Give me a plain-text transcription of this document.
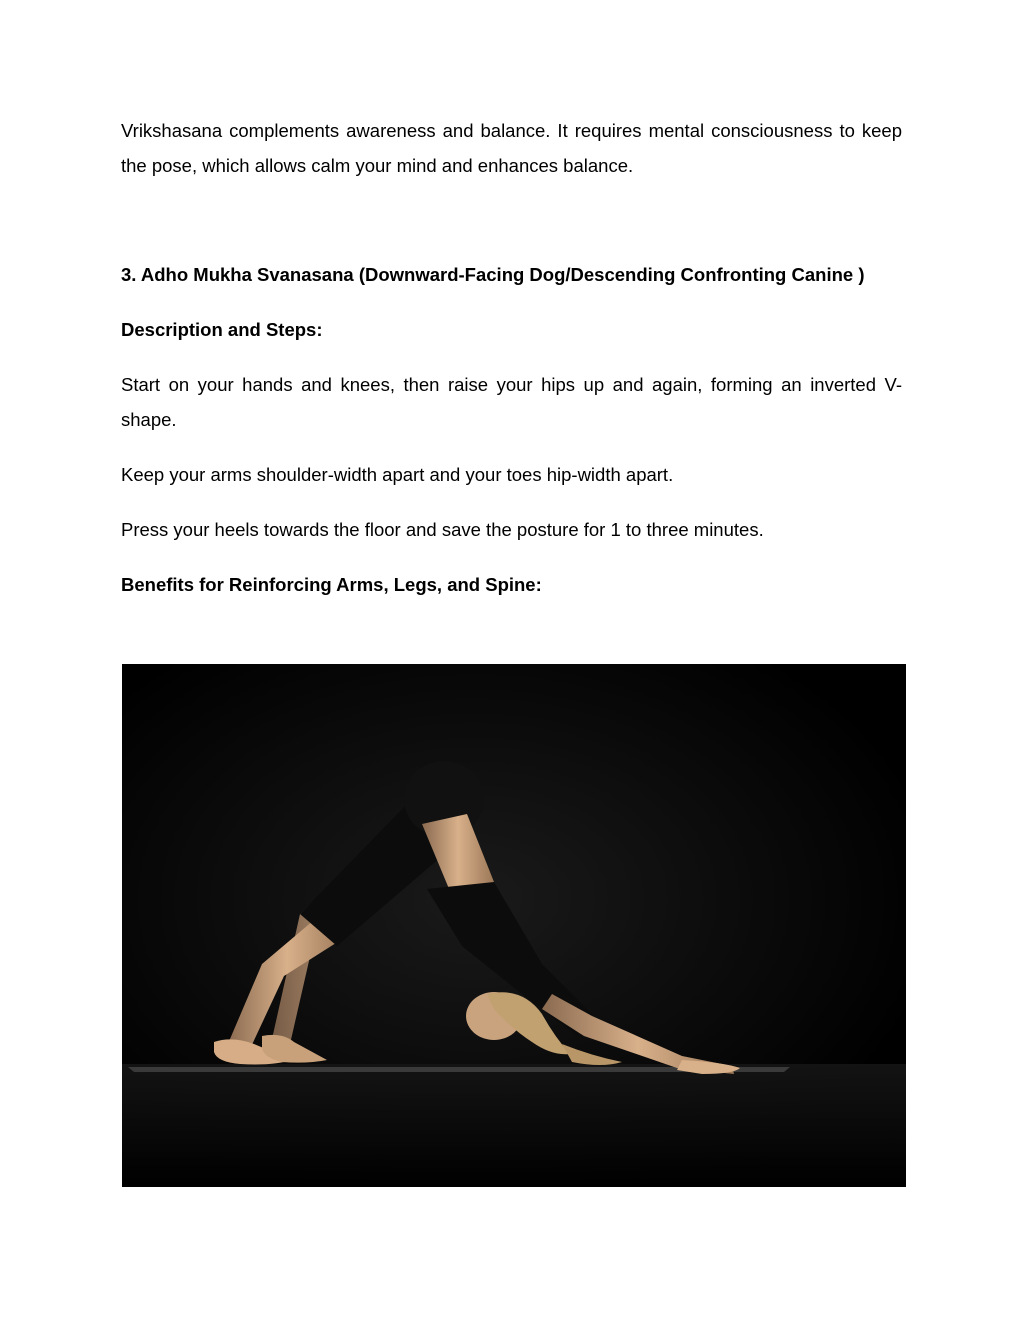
Vrikshasana complements awareness and balance. It requires mental consciousness to keep the pose, which allows calm your mind and enhances balance.

3. Adho Mukha Svanasana (Downward-Facing Dog/Descending Confronting Canine )

Description and Steps:

Start on your hands and knees, then raise your hips up and again, forming an inverted V-shape.

Keep your arms shoulder-width apart and your toes hip-width apart.

Press your heels towards the floor and save the posture for 1 to three minutes.

Benefits for Reinforcing Arms, Legs, and Spine:
